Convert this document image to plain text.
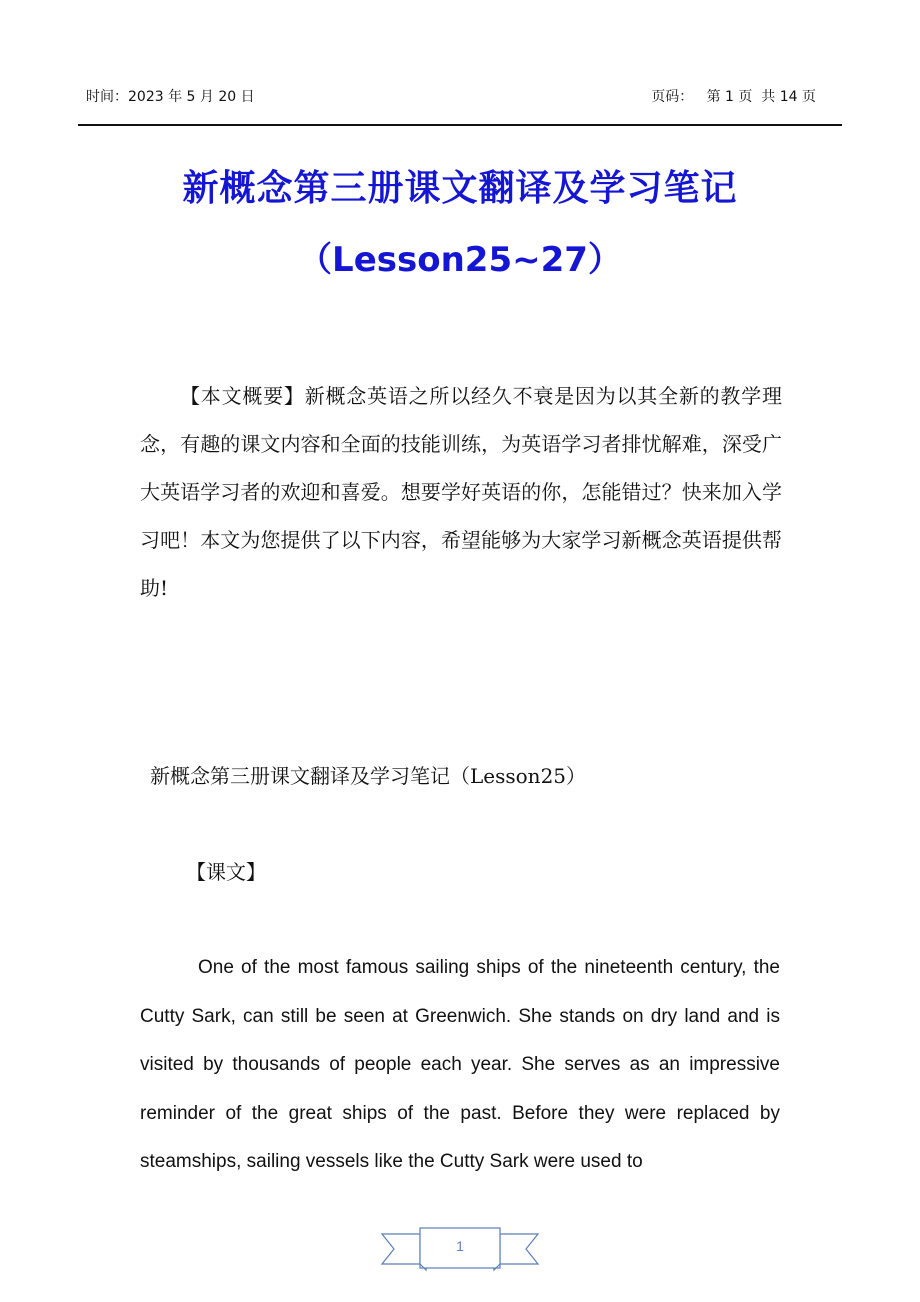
时间：2023 年 5 月 20 日	页码：   第 1 页  共 14 页
新概念第三册课文翻译及学习笔记
（Lesson25~27）

【本文概要】新概念英语之所以经久不衰是因为以其全新的教学理念，有趣的课文内容和全面的技能训练，为英语学习者排忧解难，深受广大英语学习者的欢迎和喜爱。想要学好英语的你，怎能错过？快来加入学习吧！本文为您提供了以下内容，希望能够为大家学习新概念英语提供帮助!

新概念第三册课文翻译及学习笔记（Lesson25）
【课文】

One of the most famous sailing ships of the nineteenth century, the Cutty Sark, can still be seen at Greenwich. She stands on dry land and is visited by thousands of people each year. She serves as an impressive reminder of the great ships of the past. Before they were replaced by steamships, sailing vessels like the Cutty Sark were used to

1
